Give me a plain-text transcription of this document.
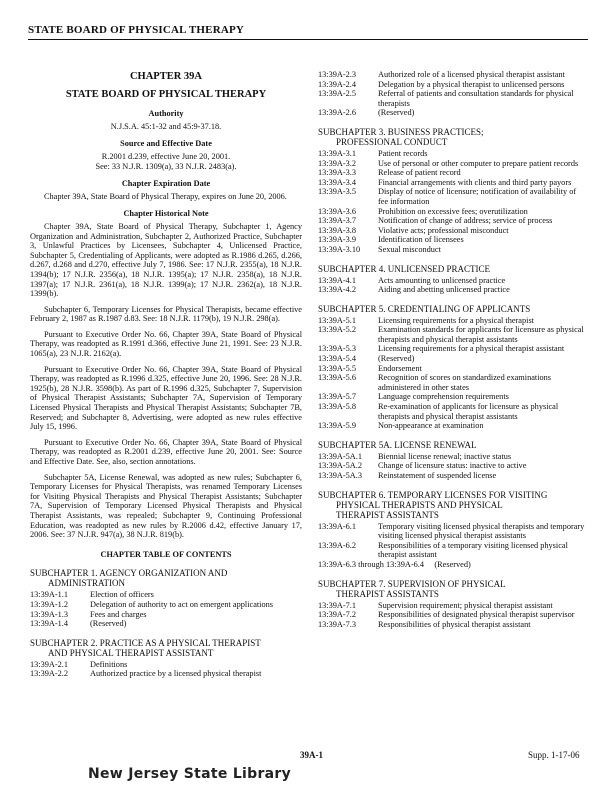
STATE BOARD OF PHYSICAL THERAPY
CHAPTER 39A
STATE BOARD OF PHYSICAL THERAPY
Authority
N.J.S.A. 45:1-32 and 45:9-37.18.
Source and Effective Date
R.2001 d.239, effective June 20, 2001.
See: 33 N.J.R. 1309(a), 33 N.J.R. 2483(a).
Chapter Expiration Date

Chapter 39A, State Board of Physical Therapy, expires on June 20, 2006.

Chapter Historical Note

Chapter 39A, State Board of Physical Therapy, Subchapter 1, Agency Organization and Administration, Subchapter 2, Authorized Practice, Subchapter 3, Unlawful Practices by Licensees, Subchapter 4, Unlicensed Practice, Subchapter 5, Credentialing of Applicants, were adopted as R.1986 d.265, d.266, d.267, d.268 and d.270, effective July 7, 1986. See: 17 N.J.R. 2355(a), 18 N.J.R. 1394(b); 17 N.J.R. 2356(a), 18 N.J.R. 1395(a); 17 N.J.R. 2358(a), 18 N.J.R. 1397(a); 17 N.J.R. 2361(a), 18 N.J.R. 1399(a); 17 N.J.R. 2362(a), 18 N.J.R. 1399(b).

Subchapter 6, Temporary Licenses for Physical Therapists, became effective February 2, 1987 as R.1987 d.83. See: 18 N.J.R. 1179(b), 19 N.J.R. 298(a).

Pursuant to Executive Order No. 66, Chapter 39A, State Board of Physical Therapy, was readopted as R.1991 d.366, effective June 21, 1991. See: 23 N.J.R. 1065(a), 23 N.J.R. 2162(a).

Pursuant to Executive Order No. 66, Chapter 39A, State Board of Physical Therapy, was readopted as R.1996 d.325, effective June 20, 1996. See: 28 N.J.R. 1925(b), 28 N.J.R. 3598(b). As part of R.1996 d.325, Subchapter 7, Supervision of Physical Therapist Assistants; Subchapter 7A, Supervision of Temporary Licensed Physical Therapists and Physical Therapist Assistants; Subchapter 7B, Reserved; and Subchapter 8, Advertising, were adopted as new rules effective July 15, 1996.

Pursuant to Executive Order No. 66, Chapter 39A, State Board of Physical Therapy, was readopted as R.2001 d.239, effective June 20, 2001. See: Source and Effective Date. See, also, section annotations.

Subchapter 5A, License Renewal, was adopted as new rules; Subchapter 6, Temporary Licenses for Physical Therapists, was renamed Temporary Licenses for Visiting Physical Therapists and Physical Therapist Assistants; Subchapter 7A, Supervision of Temporary Licensed Physical Therapists and Physical Therapist Assistants, was repealed; Subchapter 9, Continuing Professional Education, was readopted as new rules by R.2006 d.42, effective January 17, 2006. See: 37 N.J.R. 947(a), 38 N.J.R. 819(b).

CHAPTER TABLE OF CONTENTS
SUBCHAPTER 1. AGENCY ORGANIZATION AND
ADMINISTRATION
13:39A-1.1	Election of officers
13:39A-1.2	Delegation of authority to act on emergent applications
13:39A-1.3	Fees and charges
13:39A-1.4	(Reserved)
SUBCHAPTER 2. PRACTICE AS A PHYSICAL THERAPIST
AND PHYSICAL THERAPIST ASSISTANT
13:39A-2.1	Definitions
13:39A-2.2	Authorized practice by a licensed physical therapist
13:39A-2.3	Authorized role of a licensed physical therapist assistant
13:39A-2.4	Delegation by a physical therapist to unlicensed persons
13:39A-2.5	Referral of patients and consultation standards for physical therapists
13:39A-2.6	(Reserved)
SUBCHAPTER 3. BUSINESS PRACTICES;
PROFESSIONAL CONDUCT
13:39A-3.1	Patient records
13:39A-3.2	Use of personal or other computer to prepare patient records
13:39A-3.3	Release of patient record
13:39A-3.4	Financial arrangements with clients and third party payors
13:39A-3.5	Display of notice of licensure; notification of availability of fee information
13:39A-3.6	Prohibition on excessive fees; overutilization
13:39A-3.7	Notification of change of address; service of process
13:39A-3.8	Violative acts; professional misconduct
13:39A-3.9	Identification of licensees
13:39A-3.10	Sexual misconduct
SUBCHAPTER 4. UNLICENSED PRACTICE
13:39A-4.1	Acts amounting to unlicensed practice
13:39A-4.2	Aiding and abetting unlicensed practice
SUBCHAPTER 5. CREDENTIALING OF APPLICANTS
13:39A-5.1	Licensing requirements for a physical therapist
13:39A-5.2	Examination standards for applicants for licensure as physical therapists and physical therapist assistants
13:39A-5.3	Licensing requirements for a physical therapist assistant
13:39A-5.4	(Reserved)
13:39A-5.5	Endorsement
13:39A-5.6	Recognition of scores on standardized examinations administered in other states
13:39A-5.7	Language comprehension requirements
13:39A-5.8	Re-examination of applicants for licensure as physical therapists and physical therapist assistants
13:39A-5.9	Non-appearance at examination
SUBCHAPTER 5A. LICENSE RENEWAL
13:39A-5A.1	Biennial license renewal; inactive status
13:39A-5A.2	Change of licensure status: inactive to active
13:39A-5A.3	Reinstatement of suspended license
SUBCHAPTER 6. TEMPORARY LICENSES FOR VISITING
PHYSICAL THERAPISTS AND PHYSICAL
THERAPIST ASSISTANTS
13:39A-6.1	Temporary visiting licensed physical therapists and temporary visiting licensed physical therapist assistants
13:39A-6.2	Responsibilities of a temporary visiting licensed physical therapist assistant
13:39A-6.3 through 13:39A-6.4     (Reserved)
SUBCHAPTER 7. SUPERVISION OF PHYSICAL
THERAPIST ASSISTANTS
13:39A-7.1	Supervision requirement; physical therapist assistant
13:39A-7.2	Responsibilities of designated physical therapist supervisor
13:39A-7.3	Responsibilities of physical therapist assistant
39A-1	Supp. 1-17-06
New Jersey State Library
